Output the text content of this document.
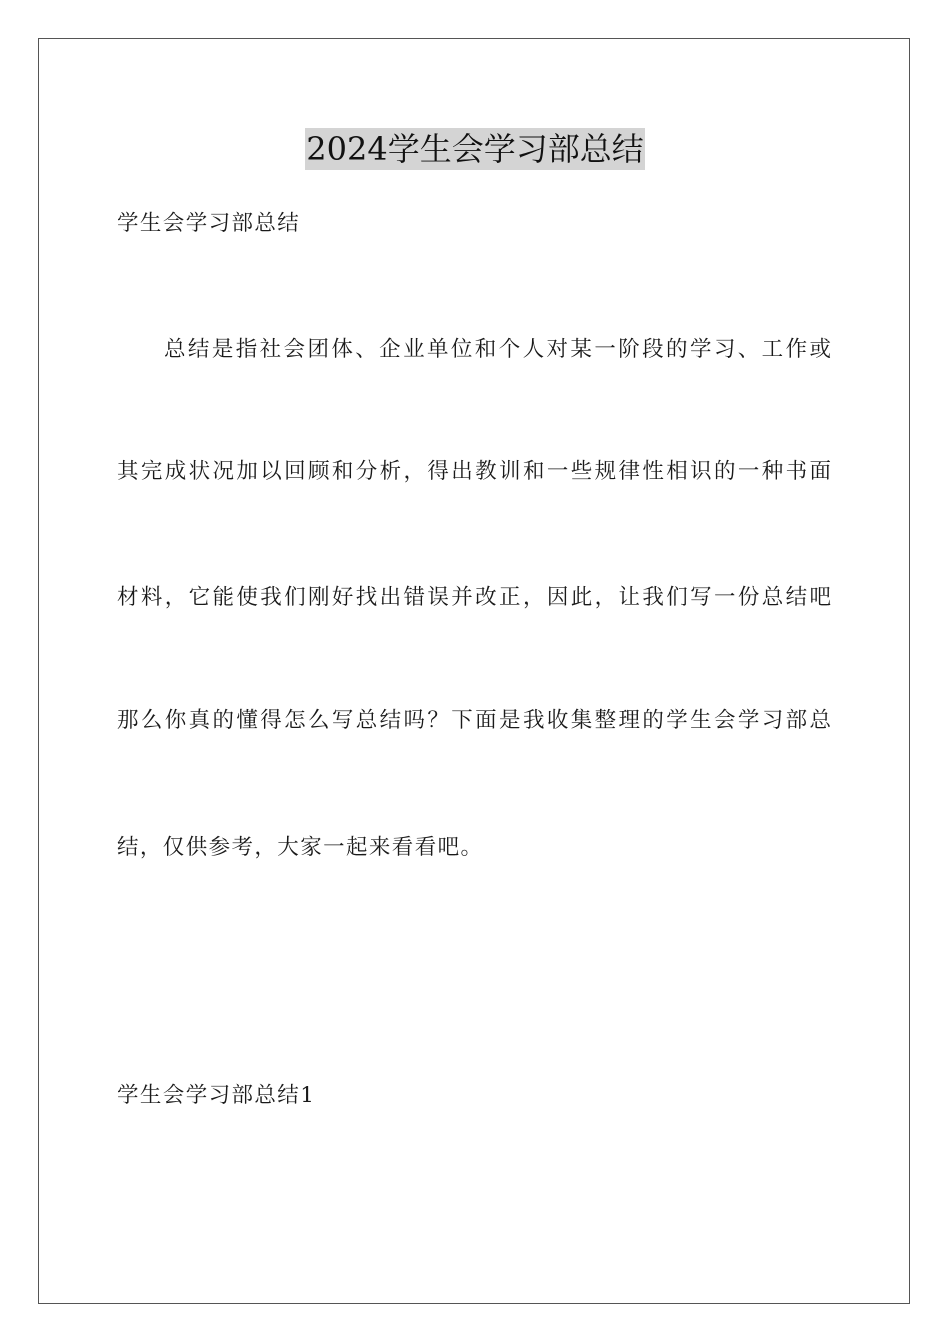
2024学生会学习部总结
学生会学习部总结
总结是指社会团体、企业单位和个人对某一阶段的学习、工作或
其完成状况加以回顾和分析，得出教训和一些规律性相识的一种书面
材料，它能使我们刚好找出错误并改正，因此，让我们写一份总结吧
那么你真的懂得怎么写总结吗？下面是我收集整理的学生会学习部总
结，仅供参考，大家一起来看看吧。
学生会学习部总结1
